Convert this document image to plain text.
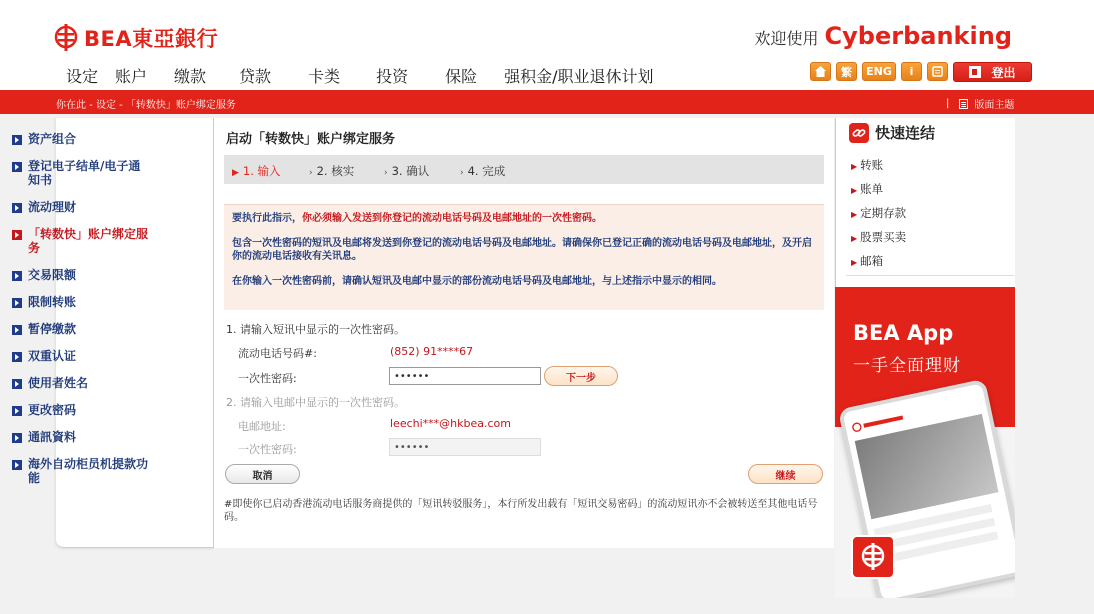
BEA東亞銀行	欢迎使用 Cyberbanking
设定 账户 缴款 贷款 卡类 投资 保险 强积金/职业退休计划	繁	ENG	i	登出
你在此 - 设定 - 「转数快」账户绑定服务	|	版面主题
资产组合
登记电子结单/电子通知书
流动理财
「转数快」账户绑定服务
交易限额
限制转账
暂停缴款
双重认证
使用者姓名
更改密码
通訊資料
海外自动柜员机提款功能
启动「转数快」账户绑定服务
▶ 1. 输入	› 2. 核实	› 3. 确认	› 4. 完成
要执行此指示，你必须输入发送到你登记的流动电话号码及电邮地址的一次性密码。
包含一次性密码的短讯及电邮将发送到你登记的流动电话号码及电邮地址。请确保你已登记正确的流动电话号码及电邮地址，及开启你的流动电话接收有关讯息。
在你输入一次性密码前，请确认短讯及电邮中显示的部份流动电话号码及电邮地址，与上述指示中显示的相同。
1. 请输入短讯中显示的一次性密码。
流动电话号码#:	(852) 91****67
一次性密码:	••••••	下一步
2. 请输入电邮中显示的一次性密码。
电邮地址:	leechi***@hkbea.com
一次性密码:	••••••
取消	继续
#即使你已启动香港流动电话服务商提供的「短讯转驳服务」，本行所发出载有「短讯交易密码」的流动短讯亦不会被转送至其他电话号码。
快速连结
▶ 转账
▶ 账单
▶ 定期存款
▶ 股票买卖
▶ 邮箱
BEA App
一手全面理财
